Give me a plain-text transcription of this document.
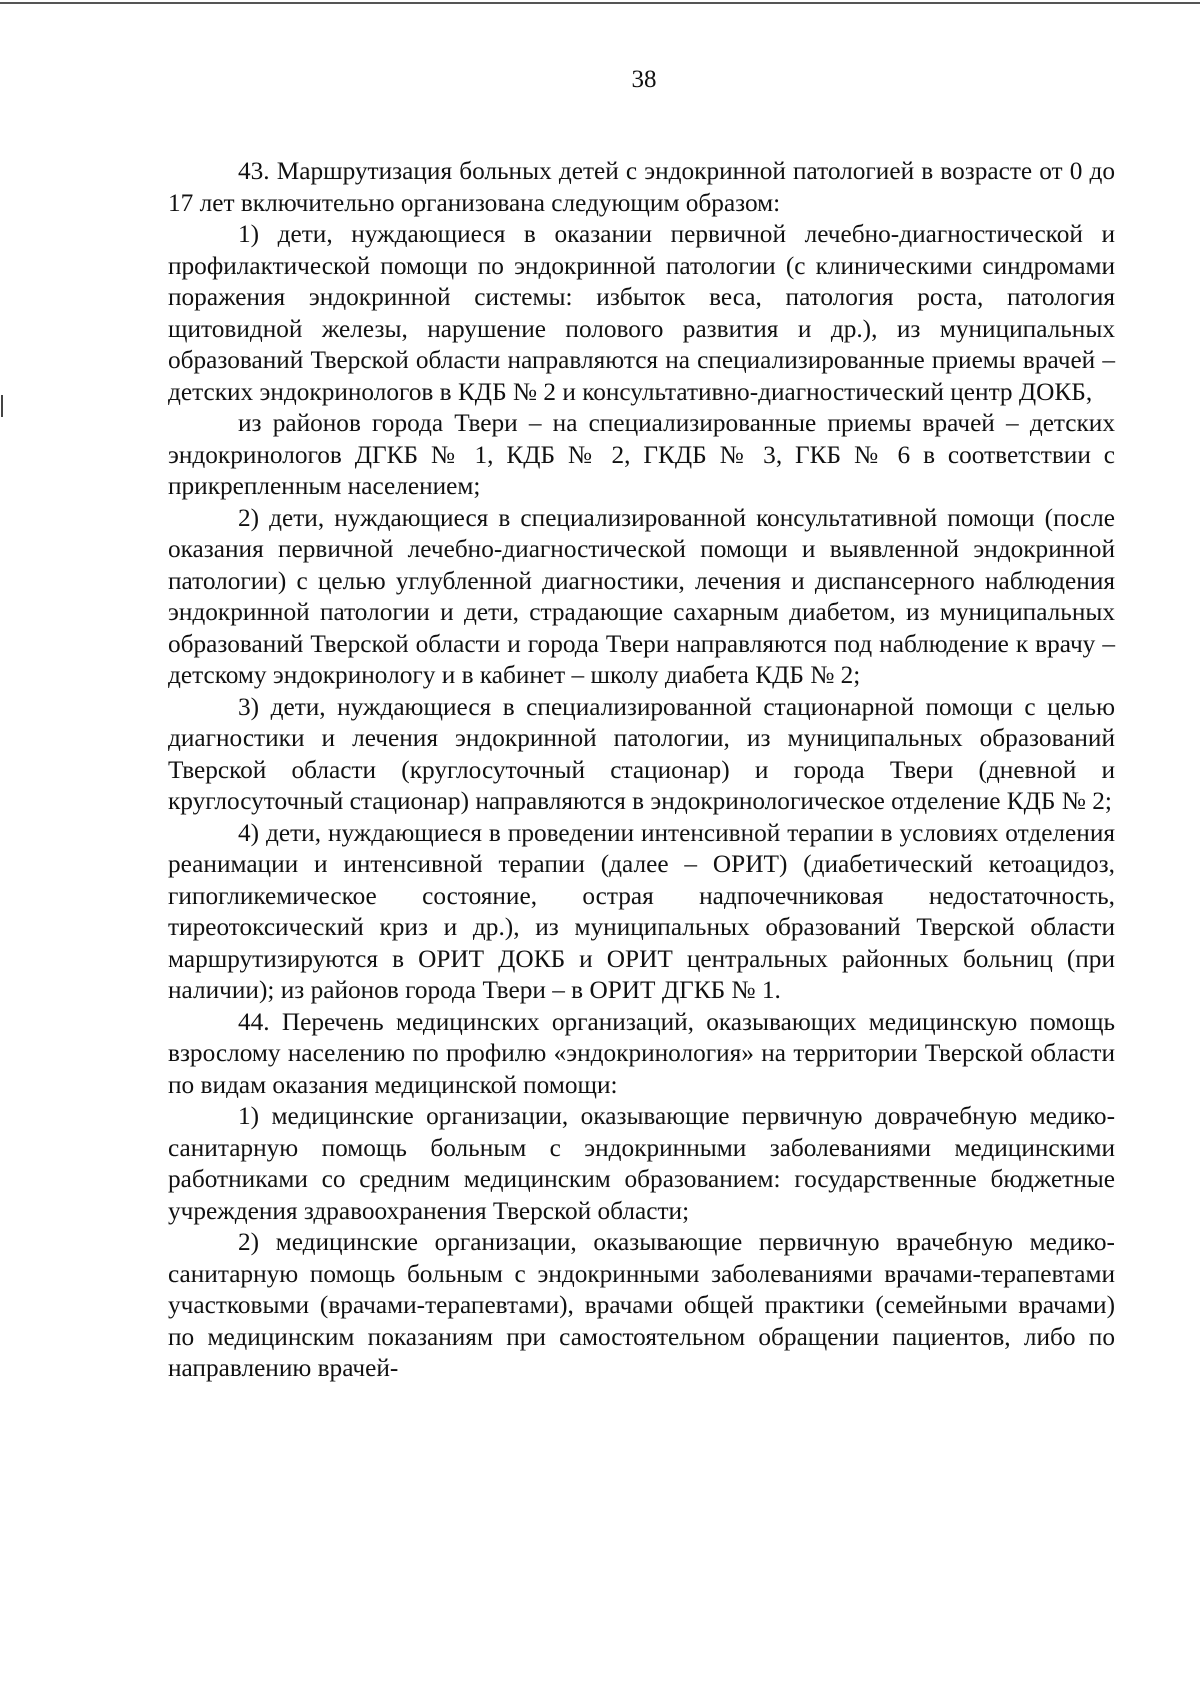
38

43. Маршрутизация больных детей с эндокринной патологией в возрасте от 0 до 17 лет включительно организована следующим образом:

1) дети, нуждающиеся в оказании первичной лечебно-диагностической и профилактической помощи по эндокринной патологии (с клиническими синдромами поражения эндокринной системы: избыток веса, патология роста, патология щитовидной железы, нарушение полового развития и др.), из муниципальных образований Тверской области направляются на специализированные приемы врачей – детских эндокринологов в КДБ № 2 и консультативно-диагностический центр ДОКБ,

из районов города Твери – на специализированные приемы врачей – детских эндокринологов ДГКБ № 1, КДБ № 2, ГКДБ № 3, ГКБ № 6 в соответствии с прикрепленным населением;

2) дети, нуждающиеся в специализированной консультативной помощи (после оказания первичной лечебно-диагностической помощи и выявленной эндокринной патологии) с целью углубленной диагностики, лечения и диспансерного наблюдения эндокринной патологии и дети, страдающие сахарным диабетом, из муниципальных образований Тверской области и города Твери направляются под наблюдение к врачу – детскому эндокринологу и в кабинет – школу диабета КДБ № 2;

3) дети, нуждающиеся в специализированной стационарной помощи с целью диагностики и лечения эндокринной патологии, из муниципальных образований Тверской области (круглосуточный стационар) и города Твери (дневной и круглосуточный стационар) направляются в эндокринологическое отделение КДБ № 2;

4) дети, нуждающиеся в проведении интенсивной терапии в условиях отделения реанимации и интенсивной терапии (далее – ОРИТ) (диабетический кетоацидоз, гипогликемическое состояние, острая надпочечниковая недостаточность, тиреотоксический криз и др.), из муниципальных образований Тверской области маршрутизируются в ОРИТ ДОКБ и ОРИТ центральных районных больниц (при наличии); из районов города Твери – в ОРИТ ДГКБ № 1.

44. Перечень медицинских организаций, оказывающих медицинскую помощь взрослому населению по профилю «эндокринология» на территории Тверской области по видам оказания медицинской помощи:

1) медицинские организации, оказывающие первичную доврачебную медико-санитарную помощь больным с эндокринными заболеваниями медицинскими работниками со средним медицинским образованием: государственные бюджетные учреждения здравоохранения Тверской области;

2) медицинские организации, оказывающие первичную врачебную медико-санитарную помощь больным с эндокринными заболеваниями врачами-терапевтами участковыми (врачами-терапевтами), врачами общей практики (семейными врачами) по медицинским показаниям при самостоятельном обращении пациентов, либо по направлению врачей-
